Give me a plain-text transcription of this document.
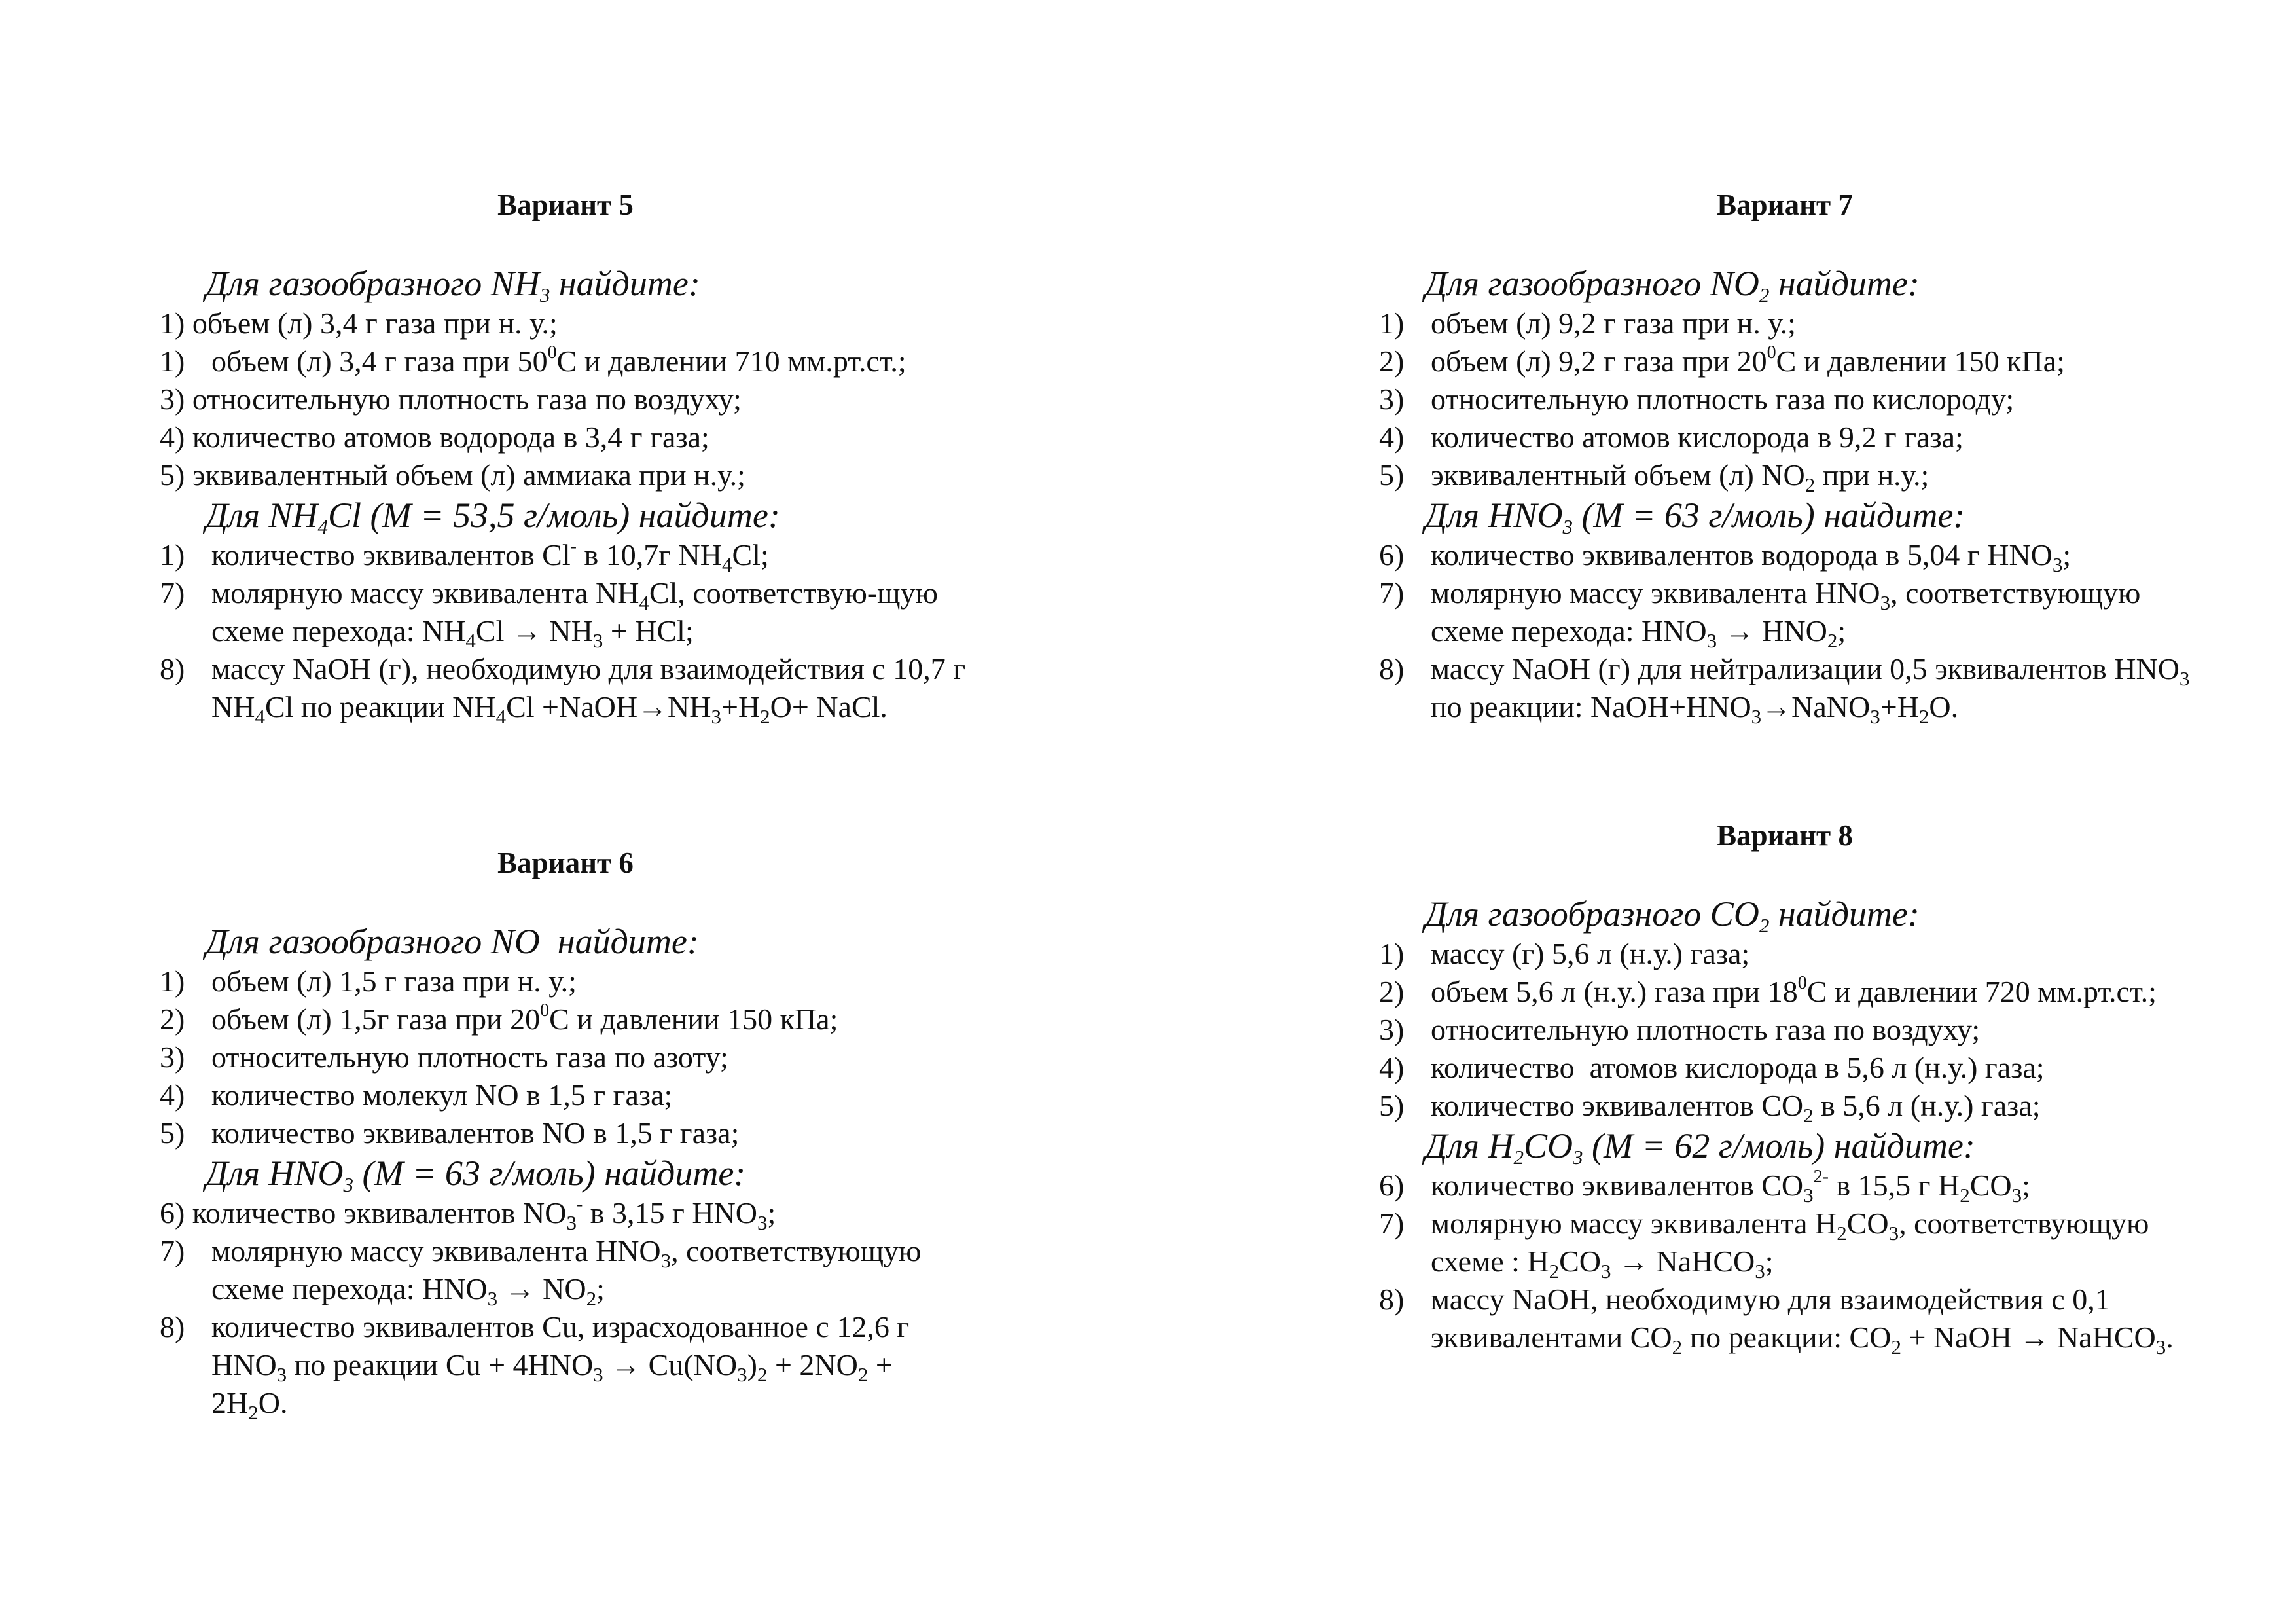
Вариант 5
Для газообразного $NH_3$ найдите:
1) объем (л) 3,4 г газа при н. у.;
1) объем (л) 3,4 г газа при $50^0С$ и давлении 710 мм.рт.ст.;
3) относительную плотность газа по воздуху;
4) количество атомов водорода в 3,4 г газа;
5) эквивалентный объем (л) аммиака при н.у.;
Для $NH_4Cl$ (M = 53,5 г/моль) найдите:
1) количество эквивалентов Cl- в 10,7г $NH_4Cl$;
7) молярную массу эквивалента $NH_4Cl$, соответствую-щую схеме перехода: $NH_4Cl \to NH_3$ + HCl;
8) массу NaOH (г), необходимую для взаимодействия с 10,7 г $NH_4Cl$ по реакции $NH_4Cl$ $+NaOH\to NH_3+H_2O+$ NaCl.
Вариант 6
Для газообразного NO  найдите:
1) объем (л) 1,5 г газа при н. у.;
2) объем (л) 1,5г газа при $20^0С$ и давлении 150 кПа;
3) относительную плотность газа по азоту;
4) количество молекул NO в 1,5 г газа;
5) количество эквивалентов NO в 1,5 г газа;
Для $HNO_3$ (M = 63 г/моль) найдите:
6) количество эквивалентов $NO_3^-$ в 3,15 г $HNO_3$;
7) молярную массу эквивалента $HNO_3$, соответствующую схеме перехода: $HNO_3 \to NO_2$;
8) количество эквивалентов Cu, израсходованное с 12,6 г $HNO_3$ по реакции $Cu + 4HNO_3 \to Cu(NO_3)_2 + 2NO_2 + 2H_2O$.
Вариант 7
Для газообразного $NO_2$ найдите:
1) объем (л) 9,2 г газа при н. у.;
2) объем (л) 9,2 г газа при $20^0С$ и давлении 150 кПа;
3) относительную плотность газа по кислороду;
4) количество атомов кислорода в 9,2 г газа;
5) эквивалентный объем (л) $NO_2$ при н.у.;
Для $HNO_3$ (M = 63 г/моль) найдите:
6) количество эквивалентов водорода в 5,04 г $HNO_3$;
7) молярную массу эквивалента $HNO_3$, соответствующую схеме перехода: $HNO_3 \to HNO_2$;
8) массу NaOH (г) для нейтрализации 0,5 эквивалентов $HNO_3$ по реакции: $NaOH+HNO_3\to NaNO_3+H_2O$.
Вариант 8
Для газообразного $CO_2$ найдите:
1) массу (г) 5,6 л (н.у.) газа;
2) объем 5,6 л (н.у.) газа при $18^0С$ и давлении 720 мм.рт.ст.;
3) относительную плотность газа по воздуху;
4) количество  атомов кислорода в 5,6 л (н.у.) газа;
5) количество эквивалентов $CO_2$ в 5,6 л (н.у.) газа;
Для $H_2CO_3$ (M = 62 г/моль) найдите:
6) количество эквивалентов $CO_3^{2-}$ в 15,5 г $H_2CO_3$;
7) молярную массу эквивалента $H_2CO_3$, соответствующую схеме : $H_2CO_3$ → NaHCO$_3$;
8) массу NaOH, необходимую для взаимодействия с 0,1 эквивалентами $CO_2$ по реакции: $CO_2$ + NaOH → NaHCO$_3$.
